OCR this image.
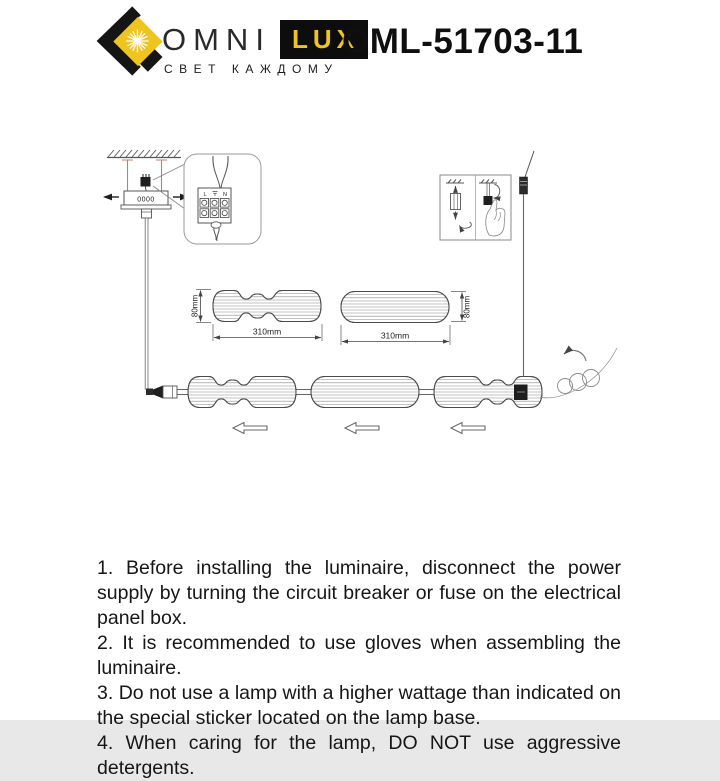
OMNI LUX
СВЕТ КАЖДОМУ
OML-51703-11
0000
L	N
80mm
310mm
80mm
310mm

1. Before installing the luminaire, disconnect the power supply by turning the circuit breaker or fuse on the electrical panel box.

2. It is recommended to use gloves when assembling the luminaire.

3. Do not use a lamp with a higher wattage than indicated on the special sticker located on the lamp base.

4. When caring for the lamp, DO NOT use aggressive detergents.
